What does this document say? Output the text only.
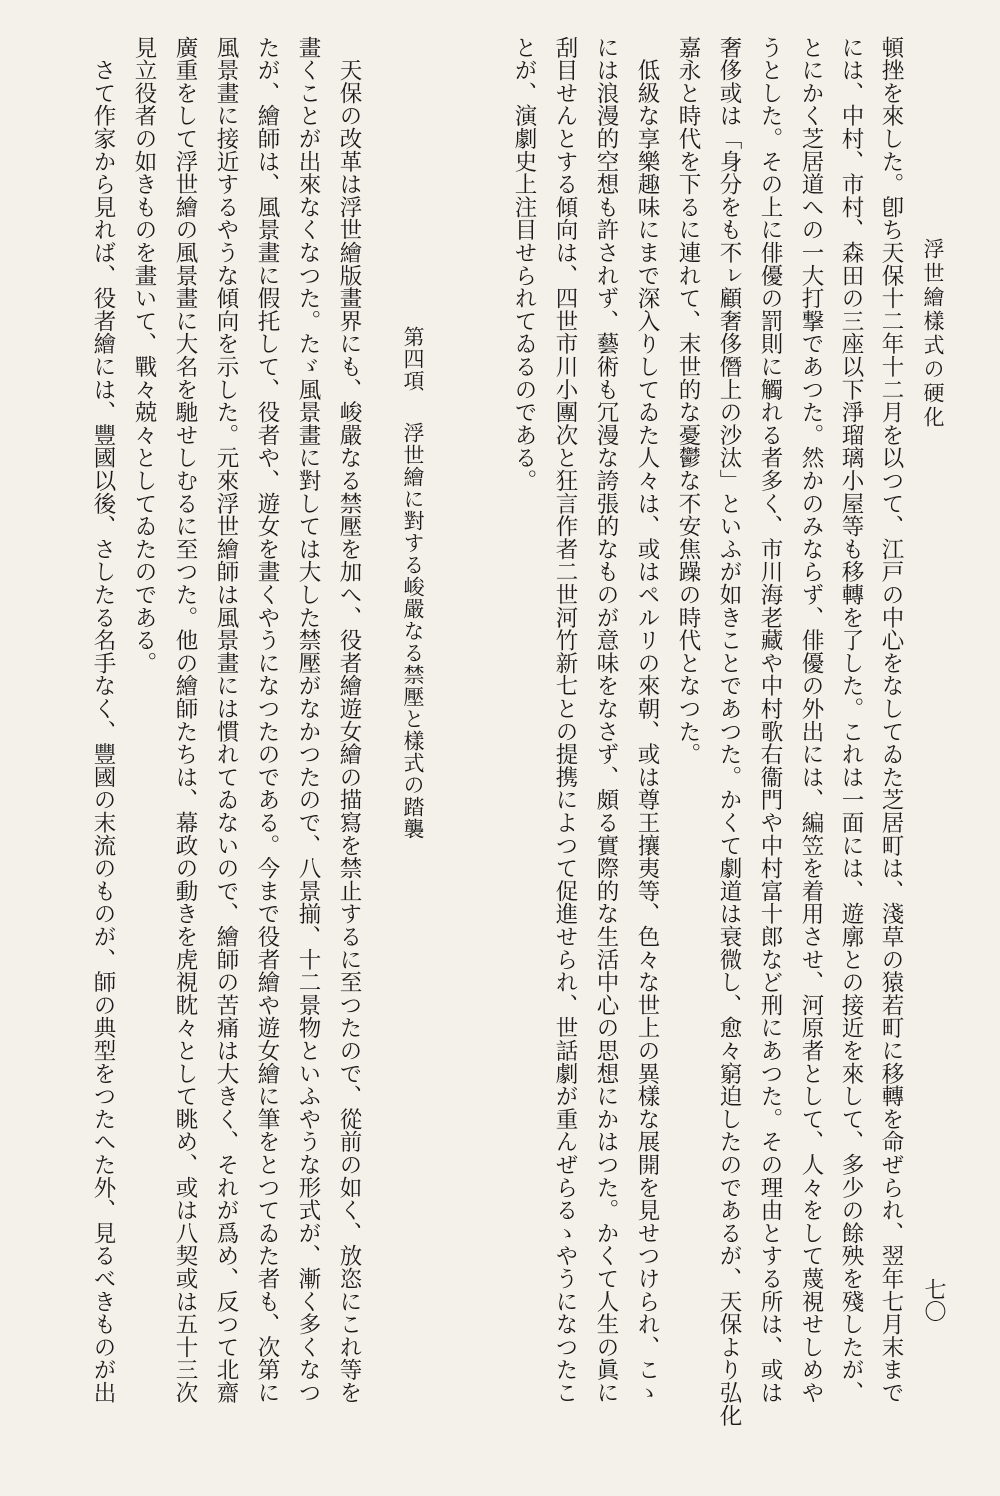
浮世繪樣式の硬化
七〇
頓挫を來した。卽ち天保十二年十二月を以つて、江戸の中心をなしてゐた芝居町は、淺草の猿若町に移轉を命ぜられ、翌年七月末まで
には、中村、市村、森田の三座以下淨瑠璃小屋等も移轉を了した。これは一面には、遊廓との接近を來して、多少の餘殃を殘したが、
とにかく芝居道への一大打撃であつた。然かのみならず、俳優の外出には、編笠を着用させ、河原者として、人々をして蔑視せしめや
うとした。その上に俳優の罰則に觸れる者多く、市川海老藏や中村歌右衞門や中村富十郎など刑にあつた。その理由とする所は、或は
奢侈或は「身分をも不ㇾ顧奢侈僭上の沙汰」といふが如きことであつた。かくて劇道は衰微し、愈々窮迫したのであるが、天保より弘化
嘉永と時代を下るに連れて、末世的な憂鬱な不安焦躁の時代となつた。
　低級な享樂趣味にまで深入りしてゐた人々は、或はペルリの來朝、或は尊王攘夷等、色々な世上の異樣な展開を見せつけられ、こゝ
には浪漫的空想も許されず、藝術も冗漫な誇張的なものが意味をなさず、頗る實際的な生活中心の思想にかはつた。かくて人生の眞に
刮目せんとする傾向は、四世市川小團次と狂言作者二世河竹新七との提携によつて促進せられ、世話劇が重んぜらるゝやうになつたこ
とが、演劇史上注目せられてゐるのである。
第四項浮世繪に對する峻嚴なる禁壓と樣式の踏襲
　天保の改革は浮世繪版畫界にも、峻嚴なる禁壓を加へ、役者繪遊女繪の描寫を禁止するに至つたので、從前の如く、放恣にこれ等を
畫くことが出來なくなつた。たゞ風景畫に對しては大した禁壓がなかつたので、八景揃、十二景物といふやうな形式が、漸く多くなつ
たが、繪師は、風景畫に假托して、役者や、遊女を畫くやうになつたのである。今まで役者繪や遊女繪に筆をとつてゐた者も、次第に
風景畫に接近するやうな傾向を示した。元來浮世繪師は風景畫には慣れてゐないので、繪師の苦痛は大きく、それが爲め、反つて北齋
廣重をして浮世繪の風景畫に大名を馳せしむるに至つた。他の繪師たちは、幕政の動きを虎視眈々として眺め、或は八契或は五十三次
見立役者の如きものを畫いて、戰々兢々としてゐたのである。
　さて作家から見れば、役者繪には、豐國以後、さしたる名手なく、豐國の末流のものが、師の典型をつたへた外、見るべきものが出
